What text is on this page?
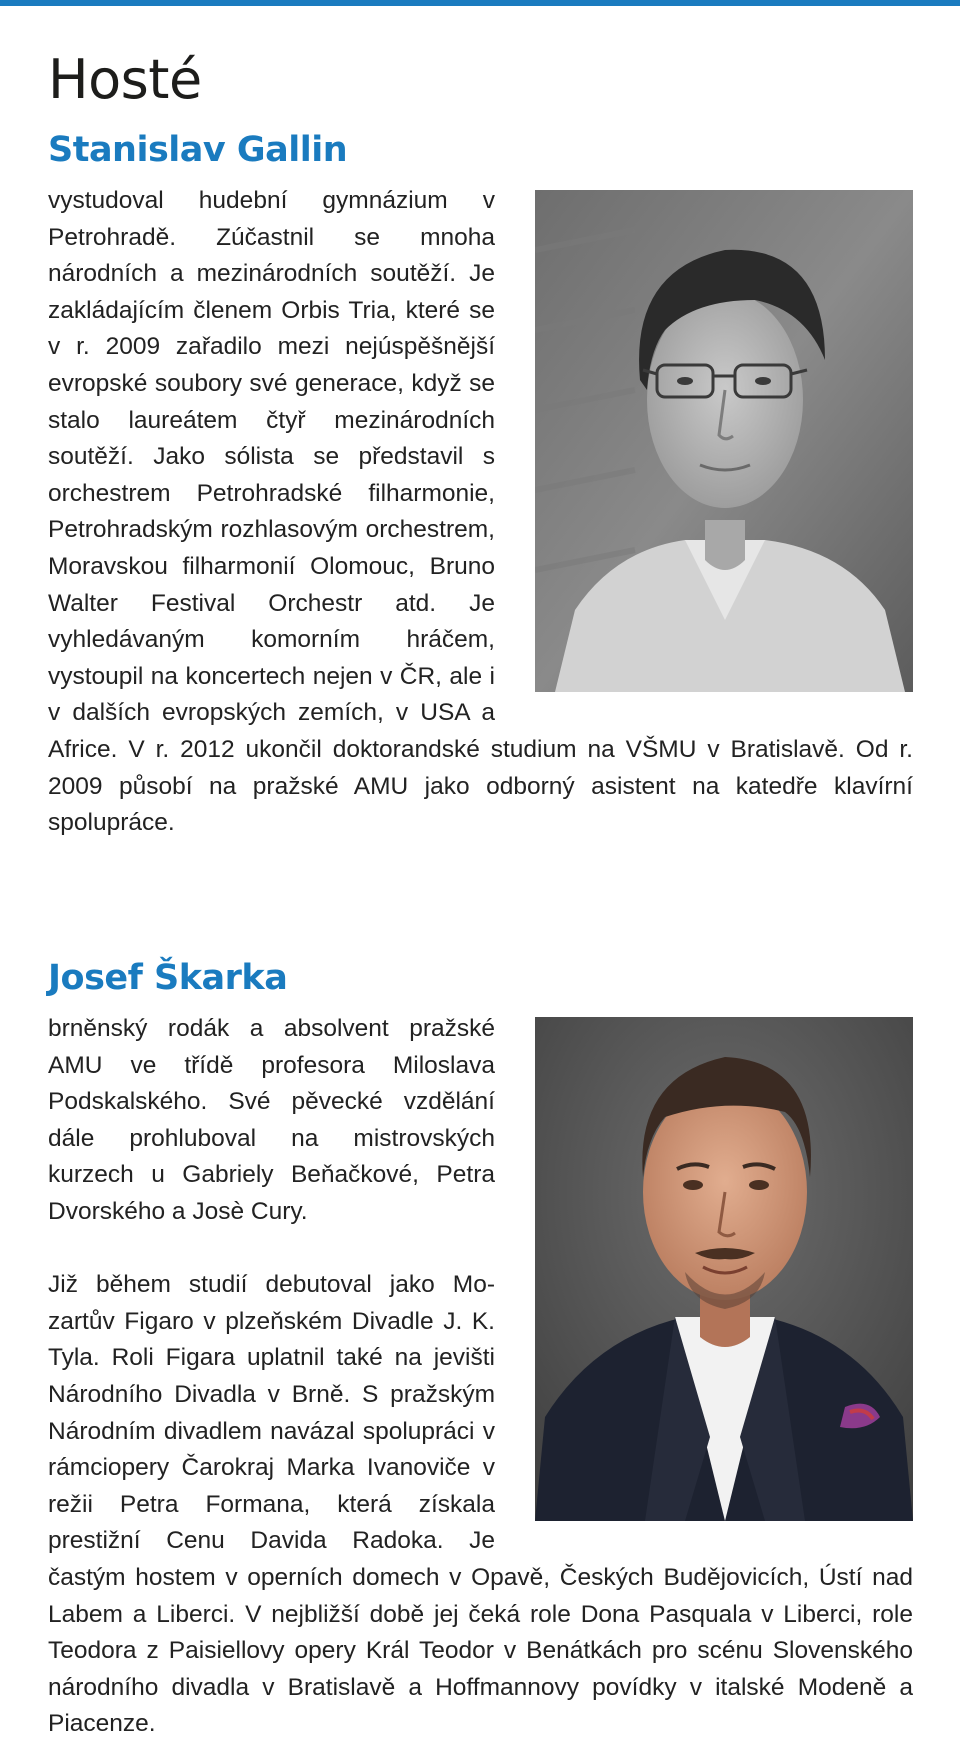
Hosté
Stanislav Gallin

vystudoval hudební gymnázium v Petrohradě. Zúčastnil se mnoha národních a mezinárodních soutěží. Je zakládajícím členem Orbis Tria, které se v r. 2009 zařadilo mezi nejúspěšnější evropské soubory své generace, když se stalo laureátem čtyř mezinárodních soutěží. Jako sólista se představil s orchestrem Petrohradské filharmonie, Petrohradským rozhlasovým orchestrem, Moravskou filharmonií Olomouc, Bruno Walter Festival Orchestr atd. Je vyhledávaným komorním hráčem, vystoupil na koncertech nejen v ČR, ale i v dalších evropských zemích, v USA a Africe. V r. 2012 ukončil doktorandské studium na VŠMU v Bratislavě. Od r. 2009 působí na pražské AMU jako odborný asistent na katedře klavírní spolupráce.

Josef Škarka

brněnský rodák a absolvent pražské AMU ve třídě profesora Miloslava Podskalského. Své pěvecké vzdělání dále prohluboval na mistrovských kurzech u Gabriely Beňačkové, Petra Dvorského a Josè Cury.

Již během studií debutoval jako Mozartův Figaro v plzeňském Divadle J. K. Tyla. Roli Figara uplatnil také na jevišti Národního Divadla v Brně. S pražským Národním divadlem navázal spolupráci v rámciopery Čarokraj Marka Ivanoviče v režii Petra Formana, která získala prestižní Cenu Davida Radoka. Je častým hostem v operních domech v Opavě, Českých Budějovicích, Ústí nad Labem a Liberci. V nejbližší době jej čeká role Dona Pasquala v Liberci, role Teodora z Paisiellovy opery Král Teodor v Benátkách pro scénu Slovenského národního divadla v Bratislavě a Hoffmannovy povídky v italské Modeně a Piacenze.
